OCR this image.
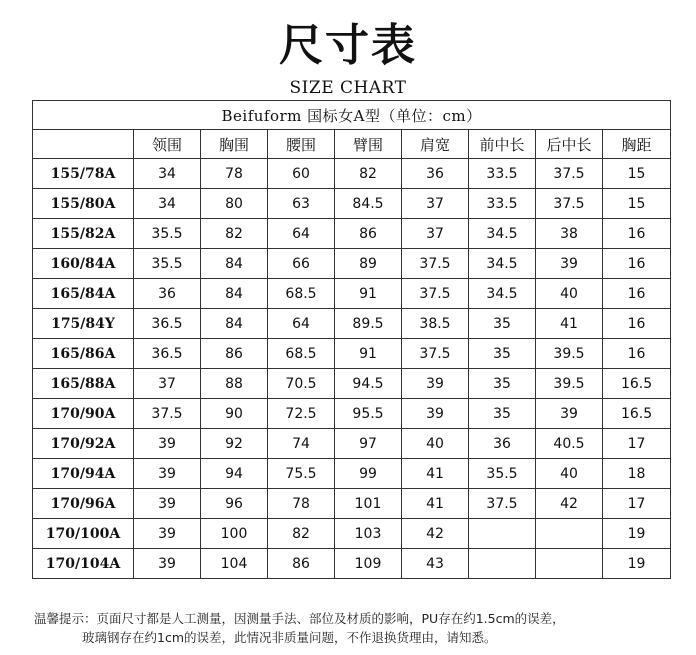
尺寸表
SIZE CHART
Beifuform 国标女A型（单位：cm）								
	领围	胸围	腰围	臂围	肩宽	前中长	后中长	胸距
155/78A	34	78	60	82	36	33.5	37.5	15
155/80A	34	80	63	84.5	37	33.5	37.5	15
155/82A	35.5	82	64	86	37	34.5	38	16
160/84A	35.5	84	66	89	37.5	34.5	39	16
165/84A	36	84	68.5	91	37.5	34.5	40	16
175/84Y	36.5	84	64	89.5	38.5	35	41	16
165/86A	36.5	86	68.5	91	37.5	35	39.5	16
165/88A	37	88	70.5	94.5	39	35	39.5	16.5
170/90A	37.5	90	72.5	95.5	39	35	39	16.5
170/92A	39	92	74	97	40	36	40.5	17
170/94A	39	94	75.5	99	41	35.5	40	18
170/96A	39	96	78	101	41	37.5	42	17
170/100A	39	100	82	103	42			19
170/104A	39	104	86	109	43			19
温馨提示：页面尺寸都是人工测量，因测量手法、部位及材质的影响，PU存在约1.5cm的误差，
玻璃钢存在约1cm的误差，此情况非质量问题，不作退换货理由，请知悉。
